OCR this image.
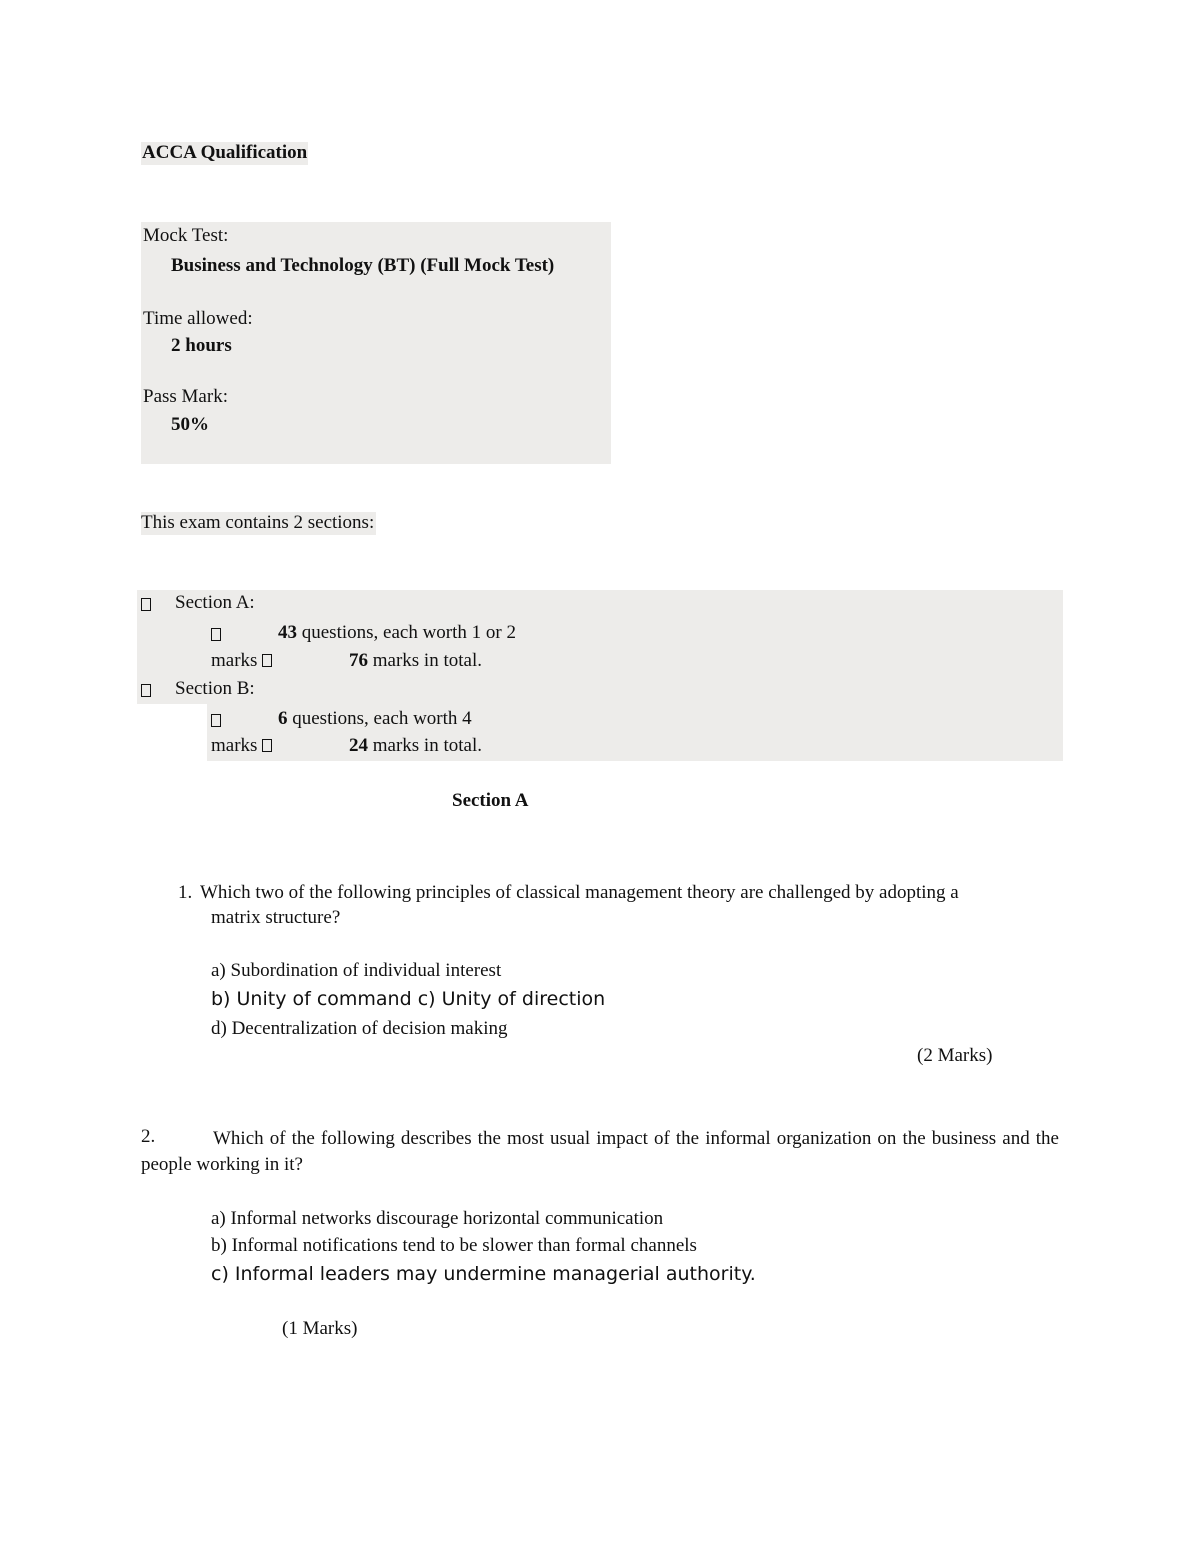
ACCA Qualification
Mock Test:
Business and Technology (BT) (Full Mock Test)
Time allowed:
2 hours
Pass Mark:
50%
This exam contains 2 sections:
Section A:
43 questions, each worth 1 or 2
marks	76 marks in total.
Section B:
6 questions, each worth 4
marks	24 marks in total.
Section A
1. Which two of the following principles of classical management theory are challenged by adopting a
matrix structure?
a) Subordination of individual interest
b) Unity of command c) Unity of direction
d) Decentralization of decision making
(2 Marks)
2.	Which of the following describes the most usual impact of the informal organization on the business and the people working in it?
a) Informal networks discourage horizontal communication
b) Informal notifications tend to be slower than formal channels
c) Informal leaders may undermine managerial authority.
(1 Marks)
